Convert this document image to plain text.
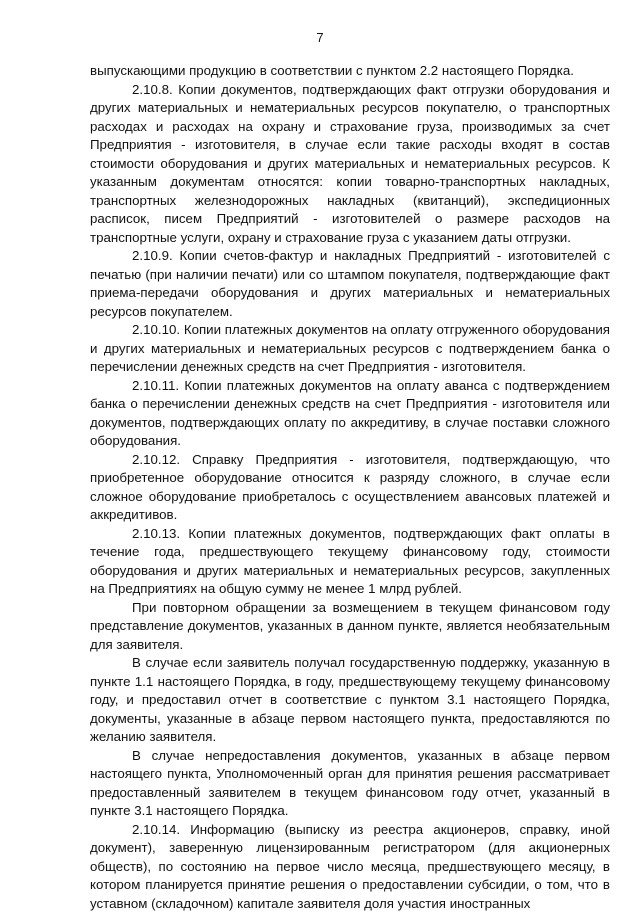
7

выпускающими продукцию в соответствии с пунктом 2.2 настоящего Порядка.

2.10.8. Копии документов, подтверждающих факт отгрузки оборудования и других материальных и нематериальных ресурсов покупателю, о транспортных расходах и расходах на охрану и страхование груза, производимых за счет Предприятия - изготовителя, в случае если такие расходы входят в состав стоимости оборудования и других материальных и нематериальных ресурсов. К указанным документам относятся: копии товарно-транспортных накладных, транспортных железнодорожных накладных (квитанций), экспедиционных расписок, писем Предприятий - изготовителей о размере расходов на транспортные услуги, охрану и страхование груза с указанием даты отгрузки.

2.10.9. Копии счетов-фактур и накладных Предприятий - изготовителей с печатью (при наличии печати) или со штампом покупателя, подтверждающие факт приема-передачи оборудования и других материальных и нематериальных ресурсов покупателем.

2.10.10. Копии платежных документов на оплату отгруженного оборудования и других материальных и нематериальных ресурсов с подтверждением банка о перечислении денежных средств на счет Предприятия - изготовителя.

2.10.11. Копии платежных документов на оплату аванса с подтверждением банка о перечислении денежных средств на счет Предприятия - изготовителя или документов, подтверждающих оплату по аккредитиву, в случае поставки сложного оборудования.

2.10.12. Справку Предприятия - изготовителя, подтверждающую, что приобретенное оборудование относится к разряду сложного, в случае если сложное оборудование приобреталось с осуществлением авансовых платежей и аккредитивов.

2.10.13. Копии платежных документов, подтверждающих факт оплаты в течение года, предшествующего текущему финансовому году, стоимости оборудования и других материальных и нематериальных ресурсов, закупленных на Предприятиях на общую сумму не менее 1 млрд рублей.

При повторном обращении за возмещением в текущем финансовом году представление документов, указанных в данном пункте, является необязательным для заявителя.

В случае если заявитель получал государственную поддержку, указанную в пункте 1.1 настоящего Порядка, в году, предшествующему текущему финансовому году, и предоставил отчет в соответствие с пунктом 3.1 настоящего Порядка, документы, указанные в абзаце первом настоящего пункта, предоставляются по желанию заявителя.

В случае непредоставления документов, указанных в абзаце первом настоящего пункта, Уполномоченный орган для принятия решения рассматривает предоставленный заявителем в текущем финансовом году отчет, указанный в пункте 3.1 настоящего Порядка.

2.10.14. Информацию (выписку из реестра акционеров, справку, иной документ), заверенную лицензированным регистратором (для акционерных обществ), по состоянию на первое число месяца, предшествующего месяцу, в котором планируется принятие решения о предоставлении субсидии, о том, что в уставном (складочном) капитале заявителя доля участия иностранных
